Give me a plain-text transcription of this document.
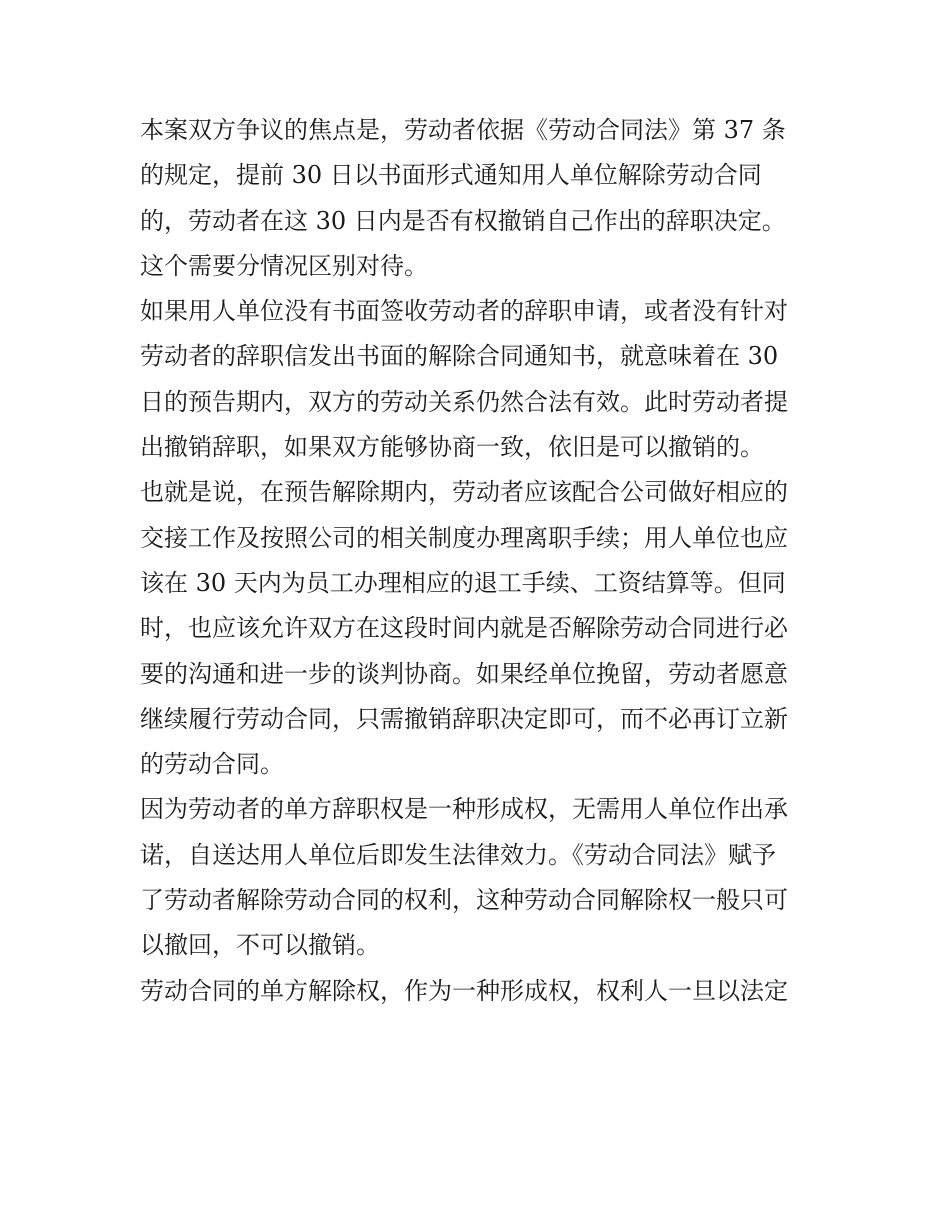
本案双方争议的焦点是，劳动者依据《劳动合同法》第 37 条
的规定，提前 30 日以书面形式通知用人单位解除劳动合同
的，劳动者在这 30 日内是否有权撤销自己作出的辞职决定。
这个需要分情况区别对待。
如果用人单位没有书面签收劳动者的辞职申请，或者没有针对
劳动者的辞职信发出书面的解除合同通知书，就意味着在 30
日的预告期内，双方的劳动关系仍然合法有效。此时劳动者提
出撤销辞职，如果双方能够协商一致，依旧是可以撤销的。
也就是说，在预告解除期内，劳动者应该配合公司做好相应的
交接工作及按照公司的相关制度办理离职手续；用人单位也应
该在 30 天内为员工办理相应的退工手续、工资结算等。但同
时，也应该允许双方在这段时间内就是否解除劳动合同进行必
要的沟通和进一步的谈判协商。如果经单位挽留，劳动者愿意
继续履行劳动合同，只需撤销辞职决定即可，而不必再订立新
的劳动合同。
因为劳动者的单方辞职权是一种形成权，无需用人单位作出承
诺，自送达用人单位后即发生法律效力。《劳动合同法》赋予
了劳动者解除劳动合同的权利，这种劳动合同解除权一般只可
以撤回，不可以撤销。
劳动合同的单方解除权，作为一种形成权，权利人一旦以法定
